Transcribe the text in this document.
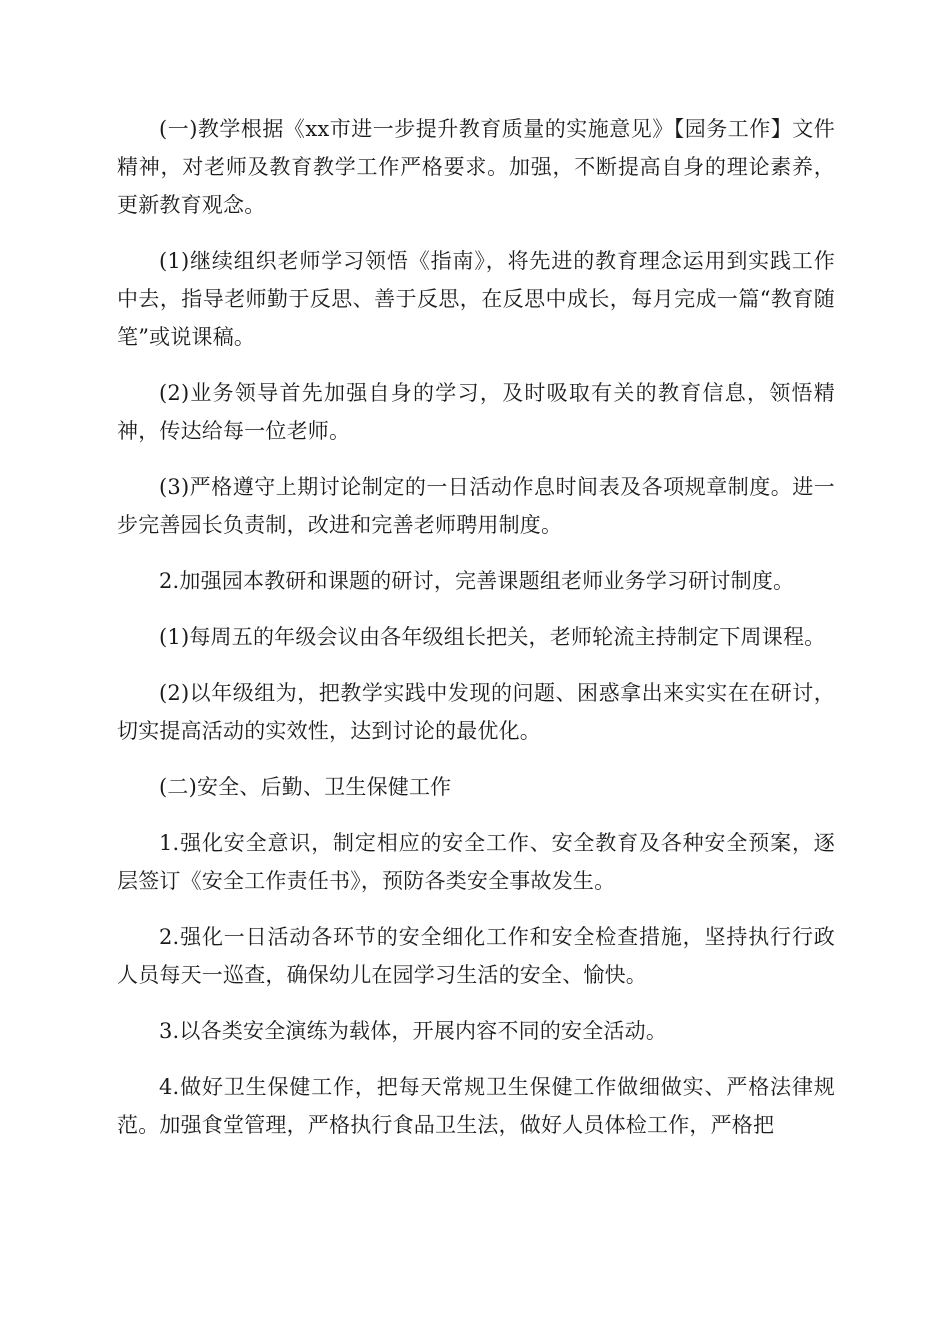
(一)教学根据《xx市进一步提升教育质量的实施意见》【园务工作】文件精神，对老师及教育教学工作严格要求。加强，不断提高自身的理论素养，更新教育观念。

(1)继续组织老师学习领悟《指南》，将先进的教育理念运用到实践工作中去，指导老师勤于反思、善于反思，在反思中成长，每月完成一篇“教育随笔”或说课稿。

(2)业务领导首先加强自身的学习，及时吸取有关的教育信息，领悟精神，传达给每一位老师。

(3)严格遵守上期讨论制定的一日活动作息时间表及各项规章制度。进一步完善园长负责制，改进和完善老师聘用制度。

2.加强园本教研和课题的研讨，完善课题组老师业务学习研讨制度。

(1)每周五的年级会议由各年级组长把关，老师轮流主持制定下周课程。

(2)以年级组为，把教学实践中发现的问题、困惑拿出来实实在在研讨，切实提高活动的实效性，达到讨论的最优化。

(二)安全、后勤、卫生保健工作

1.强化安全意识，制定相应的安全工作、安全教育及各种安全预案，逐层签订《安全工作责任书》，预防各类安全事故发生。

2.强化一日活动各环节的安全细化工作和安全检查措施，坚持执行行政人员每天一巡查，确保幼儿在园学习生活的安全、愉快。

3.以各类安全演练为载体，开展内容不同的安全活动。

4.做好卫生保健工作，把每天常规卫生保健工作做细做实、严格法律规范。加强食堂管理，严格执行食品卫生法，做好人员体检工作，严格把
